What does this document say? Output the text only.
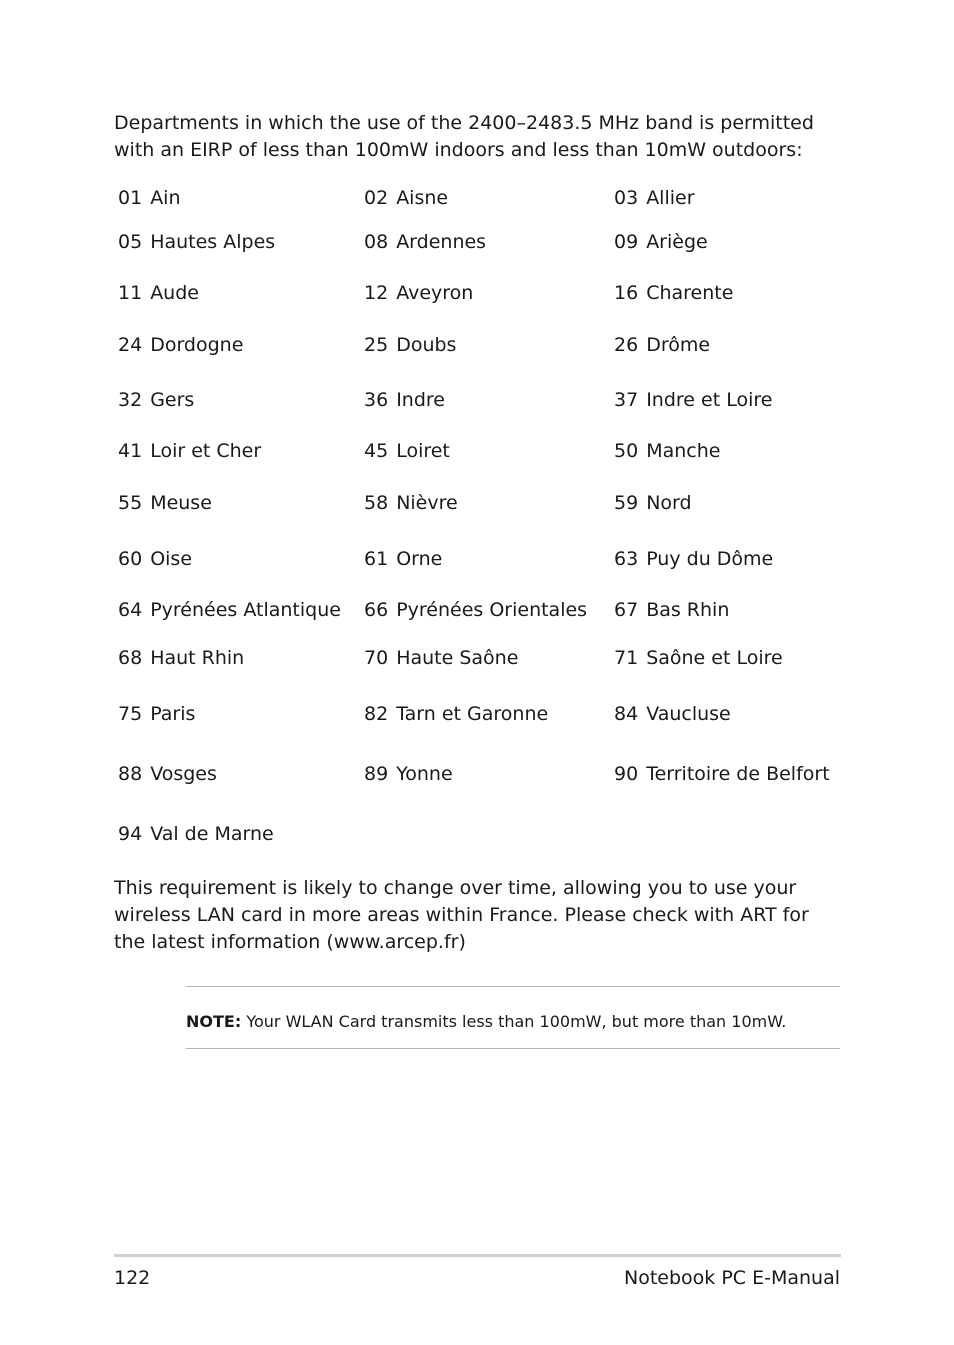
Departments in which the use of the 2400–2483.5 MHz band is permitted with an EIRP of less than 100mW indoors and less than 10mW outdoors:

01 Ain	02 Aisne	03 Allier
05 Hautes Alpes	08 Ardennes	09 Ariège
11 Aude	12 Aveyron	16 Charente
24 Dordogne	25 Doubs	26 Drôme
32 Gers	36 Indre	37 Indre et Loire
41 Loir et Cher	45 Loiret	50 Manche
55 Meuse	58 Nièvre	59 Nord
60 Oise	61 Orne	63 Puy du Dôme
64 Pyrénées Atlantique 66 Pyrénées Orientales 67 Bas Rhin
68 Haut Rhin	70 Haute Saône	71 Saône et Loire
75 Paris	82 Tarn et Garonne	84 Vaucluse
88 Vosges	89 Yonne	90 Territoire de Belfort
94 Val de Marne

This requirement is likely to change over time, allowing you to use your wireless LAN card in more areas within France. Please check with ART for the latest information (www.arcep.fr)

NOTE: Your WLAN Card transmits less than 100mW, but more than 10mW.

122	Notebook PC E-Manual
